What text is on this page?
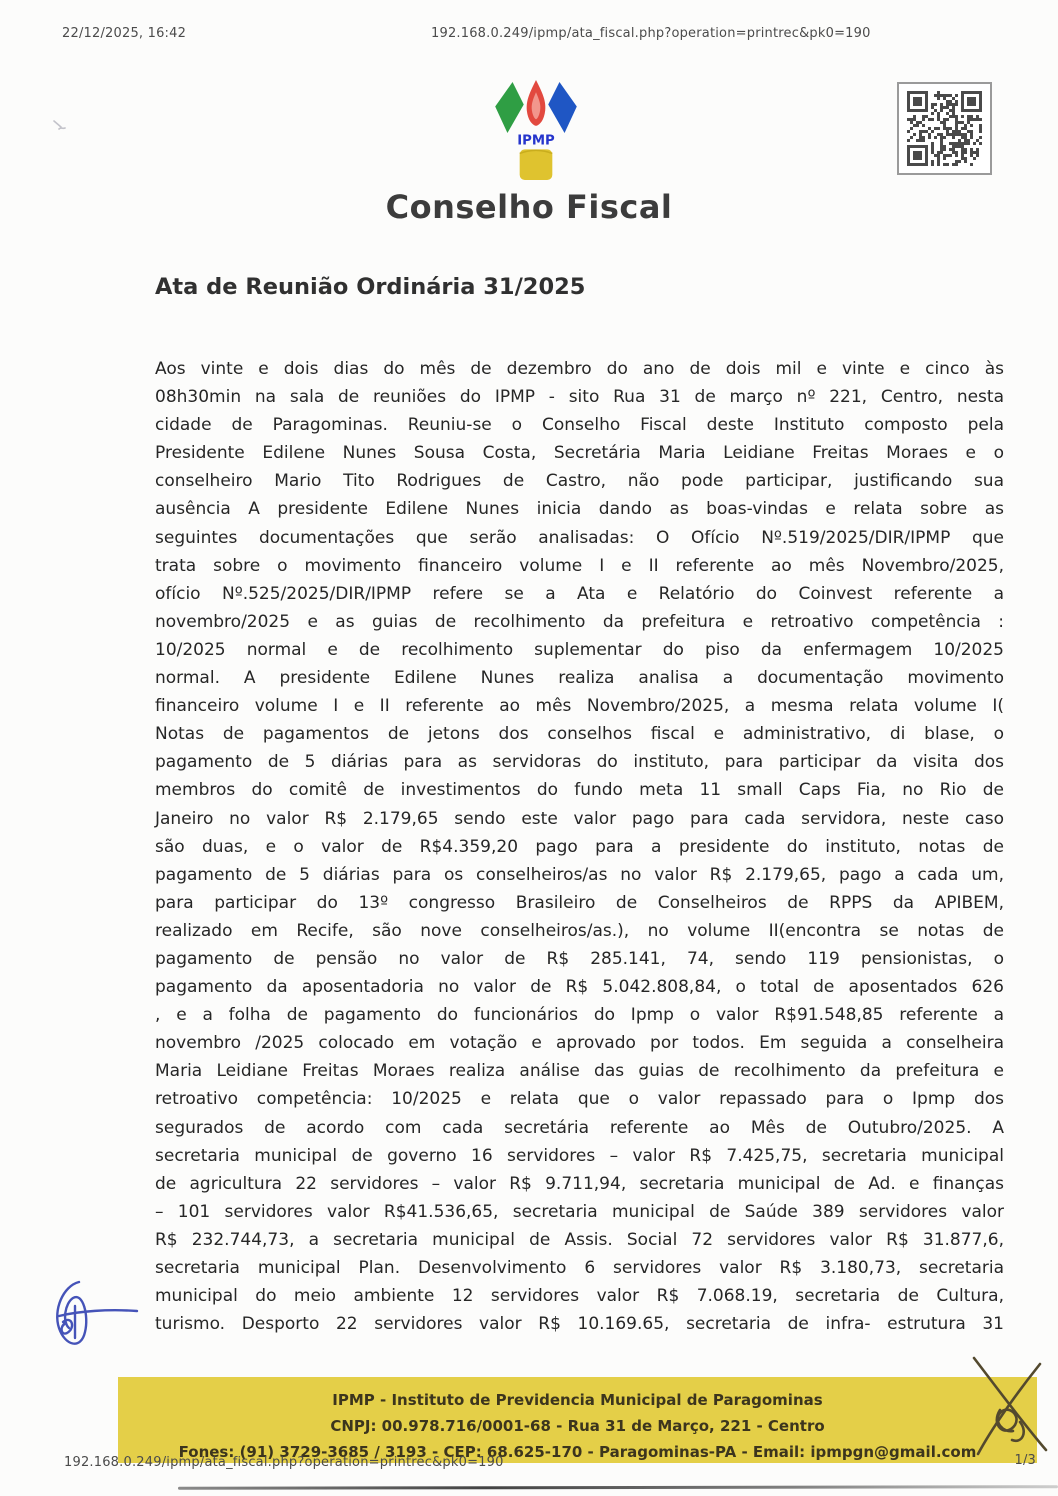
22/12/2025, 16:42	192.168.0.249/ipmp/ata_fiscal.php?operation=printrec&pk0=190
IPMP
Conselho Fiscal
Ata de Reunião Ordinária 31/2025
Aos vinte e dois dias do mês de dezembro do ano de dois mil e vinte e cinco às
08h30min na sala de reuniões do IPMP - sito Rua 31 de março nº 221, Centro, nesta
cidade de Paragominas. Reuniu-se o Conselho Fiscal deste Instituto composto pela
Presidente Edilene Nunes Sousa Costa, Secretária Maria Leidiane Freitas Moraes e o
conselheiro Mario Tito Rodrigues de Castro, não pode participar, justificando sua
ausência A presidente Edilene Nunes inicia dando as boas-vindas e relata sobre as
seguintes documentações que serão analisadas: O Ofício Nº.519/2025/DIR/IPMP que
trata sobre o movimento financeiro volume I e II referente ao mês Novembro/2025,
ofício Nº.525/2025/DIR/IPMP refere se a Ata e Relatório do Coinvest referente a
novembro/2025 e as guias de recolhimento da prefeitura e retroativo competência :
10/2025 normal e de recolhimento suplementar do piso da enfermagem 10/2025
normal. A presidente Edilene Nunes realiza analisa a documentação movimento
financeiro volume I e II referente ao mês Novembro/2025, a mesma relata volume I(
Notas de pagamentos de jetons dos conselhos fiscal e administrativo, di blase, o
pagamento de 5 diárias para as servidoras do instituto, para participar da visita dos
membros do comitê de investimentos do fundo meta 11 small Caps Fia, no Rio de
Janeiro no valor R$ 2.179,65 sendo este valor pago para cada servidora, neste caso
são duas, e o valor de R$4.359,20 pago para a presidente do instituto, notas de
pagamento de 5 diárias para os conselheiros/as no valor R$ 2.179,65, pago a cada um,
para participar do 13º congresso Brasileiro de Conselheiros de RPPS da APIBEM,
realizado em Recife, são nove conselheiros/as.), no volume II(encontra se notas de
pagamento de pensão no valor de R$ 285.141, 74, sendo 119 pensionistas, o
pagamento da aposentadoria no valor de R$ 5.042.808,84, o total de aposentados 626
, e a folha de pagamento do funcionários do Ipmp o valor R$91.548,85 referente a
novembro /2025 colocado em votação e aprovado por todos. Em seguida a conselheira
Maria Leidiane Freitas Moraes realiza análise das guias de recolhimento da prefeitura e
retroativo competência: 10/2025 e relata que o valor repassado para o Ipmp dos
segurados de acordo com cada secretária referente ao Mês de Outubro/2025. A
secretaria municipal de governo 16 servidores – valor R$ 7.425,75, secretaria municipal
de agricultura 22 servidores – valor R$ 9.711,94, secretaria municipal de Ad. e finanças
– 101 servidores valor R$41.536,65, secretaria municipal de Saúde 389 servidores valor
R$ 232.744,73, a secretaria municipal de Assis. Social 72 servidores valor R$ 31.877,6,
secretaria municipal Plan. Desenvolvimento 6 servidores valor R$ 3.180,73, secretaria
municipal do meio ambiente 12 servidores valor R$ 7.068.19, secretaria de Cultura,
turismo. Desporto 22 servidores valor R$ 10.169.65, secretaria de infra- estrutura 31
IPMP - Instituto de Previdencia Municipal de Paragominas
CNPJ: 00.978.716/0001-68 - Rua 31 de Março, 221 - Centro
Fones: (91) 3729-3685 / 3193 - CEP: 68.625-170 - Paragominas-PA - Email: ipmpgn@gmail.com
192.168.0.249/ipmp/ata_fiscal.php?operation=printrec&pk0=190	1/3
